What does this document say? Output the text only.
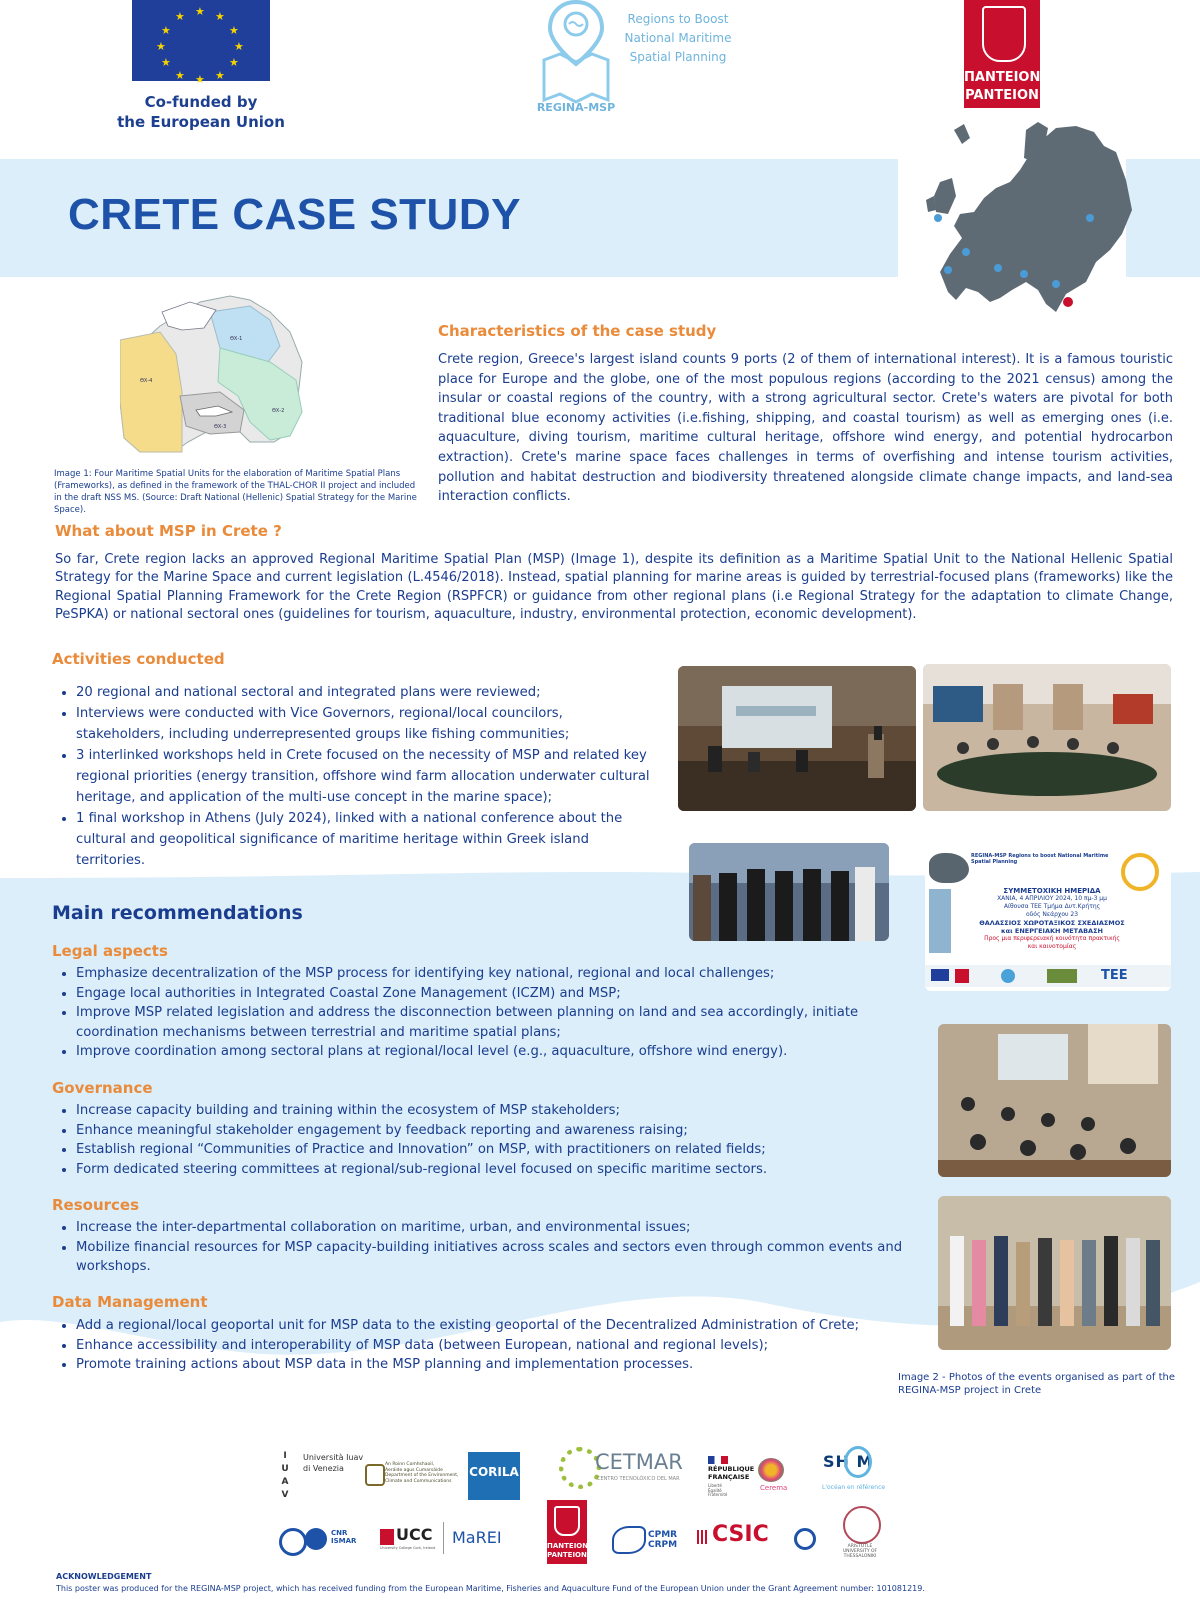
★ ★
★
★
★
★
★
★
★
★
★
★
Co-funded by
the European Union
Regions to Boost
National Maritime
Spatial Planning
REGINA-MSP
ΠΑΝΤΕΙΟΝ
PANTEION
CRETE CASE STUDY
ΘΧ-1
ΘΧ-2
ΘΧ-3
ΘΧ-4
Image 1: Four Maritime Spatial Units for the elaboration of Maritime Spatial Plans (Frameworks), as defined in the framework of the THAL-CHOR II project and included in the draft NSS MS. (Source: Draft National (Hellenic) Spatial Strategy for the Marine Space).
Characteristics of the case study
Crete region, Greece's largest island counts 9 ports (2 of them of international interest). It is a famous touristic place for Europe and the globe, one of the most populous regions (according to the 2021 census) among the insular or coastal regions of the country, with a strong agricultural sector. Crete's waters are pivotal for both traditional blue economy activities (i.e.fishing, shipping, and coastal tourism) as well as emerging ones (i.e. aquaculture, diving tourism, maritime cultural heritage, offshore wind energy, and potential hydrocarbon extraction). Crete's marine space faces challenges in terms of overfishing and intense tourism activities, pollution and habitat destruction and biodiversity threatened alongside climate change impacts, and land-sea interaction conflicts.
What about MSP in Crete ?
So far, Crete region lacks an approved Regional Maritime Spatial Plan (MSP) (Image 1), despite its definition as a Maritime Spatial Unit to the National Hellenic Spatial Strategy for the Marine Space and current legislation (L.4546/2018). Instead, spatial planning for marine areas is guided by terrestrial-focused plans (frameworks) like the Regional Spatial Planning Framework for the Crete Region (RSPFCR) or guidance from other regional plans (i.e Regional Strategy for the adaptation to climate Change, PeSPKA) or national sectoral ones (guidelines for tourism, aquaculture, industry, environmental protection, economic development).
Activities conducted
• 20 regional and national sectoral and integrated plans were reviewed;
• Interviews were conducted with Vice Governors, regional/local councilors, stakeholders, including underrepresented groups like fishing communities;
• 3 interlinked workshops held in Crete focused on the necessity of MSP and related key regional priorities (energy transition, offshore wind farm allocation underwater cultural heritage, and application of the multi-use concept in the marine space);
• 1 final workshop in Athens (July 2024), linked with a national conference about the cultural and geopolitical significance of maritime heritage within Greek island territories.	REGINA-MSP Regions to boost National Maritime Spatial Planning
ΣΥΜΜΕΤΟΧΙΚΗ ΗΜΕΡΙΔΑ
ΧΑΝΙΑ, 4 ΑΠΡΙΛΙΟΥ 2024, 10 πμ-3 μμ
Αίθουσα ΤΕΕ Τμήμα Δυτ.Κρήτης
οδός Νεάρχου 23
ΘΑΛΑΣΣΙΟΣ ΧΩΡΟΤΑΞΙΚΟΣ ΣΧΕΔΙΑΣΜΟΣ
και ΕΝΕΡΓΕΙΑΚΗ ΜΕΤΑΒΑΣΗ
Προς μια περιφερειακή κοινότητα πρακτικής
και καινοτομίας
TEE
Image 2 - Photos of the events organised as part of the REGINA-MSP project in Crete
Main recommendations
Legal aspects
• Emphasize decentralization of the MSP process for identifying key national, regional and local challenges;
• Engage local authorities in Integrated Coastal Zone Management (ICZM) and MSP;
• Improve MSP related legislation and address the disconnection between planning on land and sea accordingly, initiate coordination mechanisms between terrestrial and maritime spatial plans;
• Improve coordination among sectoral plans at regional/local level (e.g., aquaculture, offshore wind energy).
Governance
• Increase capacity building and training within the ecosystem of MSP stakeholders;
• Enhance meaningful stakeholder engagement by feedback reporting and awareness raising;
• Establish regional “Communities of Practice and Innovation” on MSP, with practitioners on related fields;
• Form dedicated steering committees at regional/sub-regional level focused on specific maritime sectors.
Resources
• Increase the inter-departmental collaboration on maritime, urban, and environmental issues;
• Mobilize financial resources for MSP capacity-building initiatives across scales and sectors even through common events and workshops.
Data Management
• Add a regional/local geoportal unit for MSP data to the existing geoportal of the Decentralized Administration of Crete;
• Enhance accessibility and interoperability of MSP data (between European, national and regional levels);
• Promote training actions about MSP data in the MSP planning and implementation processes.
I
U
A
V
Università Iuav
di Venezia	An Roinn Comhshaoil,
Aeráide agus Cumarsáide
Department of the Environment,
Climate and Communications
CORILA	CETMAR
CENTRO TECNOLÓXICO DEL MAR
RÉPUBLIQUE
FRANÇAISE
Liberté
Égalité
Fraternité
Cerema
SH M
L'océan en référence
CNR
ISMAR UCC
University College Cork, Ireland
MaREI	ΠΑΝΤΕΙΟΝ
PANTEION
CPMR
CRPM CSIC	ARISTOTLE
UNIVERSITY OF
THESSALONIKI
ACKNOWLEDGEMENT
This poster was produced for the REGINA-MSP project, which has received funding from the European Maritime, Fisheries and Aquaculture Fund of the European Union under the Grant Agreement number: 101081219.
